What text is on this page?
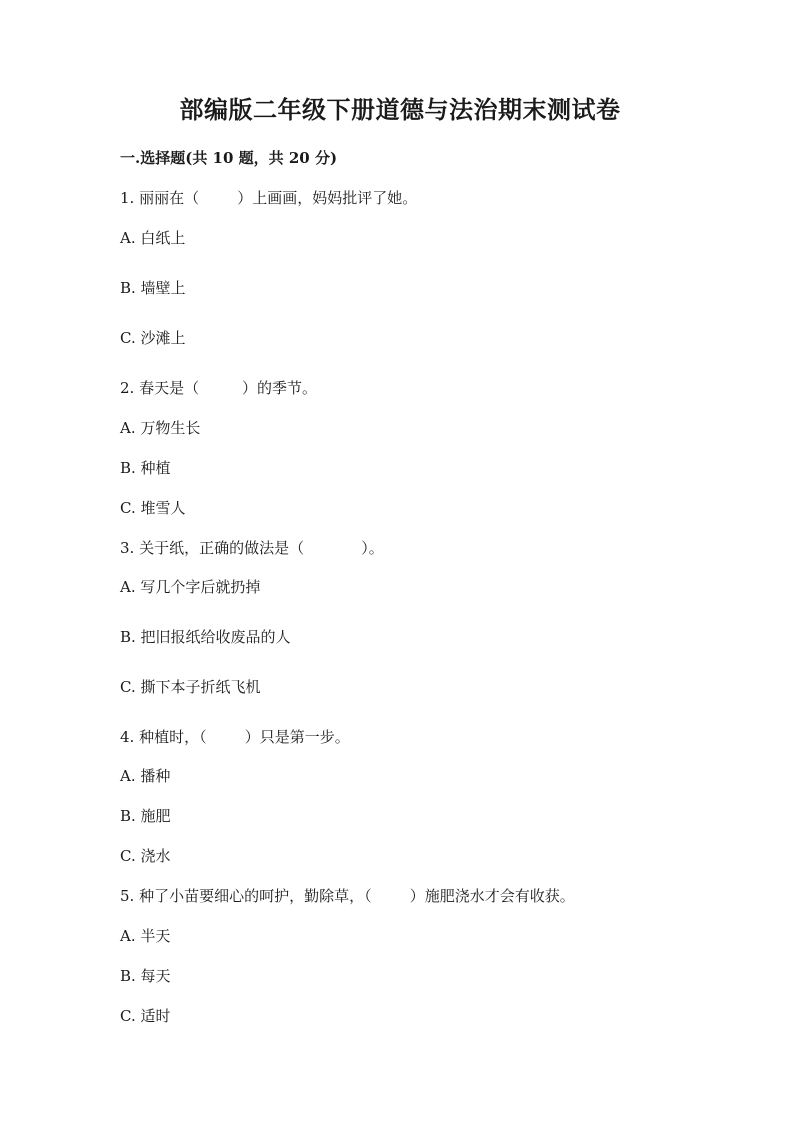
部编版二年级下册道德与法治期末测试卷
一.选择题(共 10 题，共 20 分)
1. 丽丽在（        ）上画画，妈妈批评了她。
A. 白纸上
B. 墙壁上
C. 沙滩上
2. 春天是（         ）的季节。
A. 万物生长
B. 种植
C. 堆雪人
3. 关于纸，正确的做法是（            ）。
A. 写几个字后就扔掉
B. 把旧报纸给收废品的人
C. 撕下本子折纸飞机
4. 种植时，（        ）只是第一步。
A. 播种
B. 施肥
C. 浇水
5. 种了小苗要细心的呵护，勤除草，（        ）施肥浇水才会有收获。
A. 半天
B. 每天
C. 适时
